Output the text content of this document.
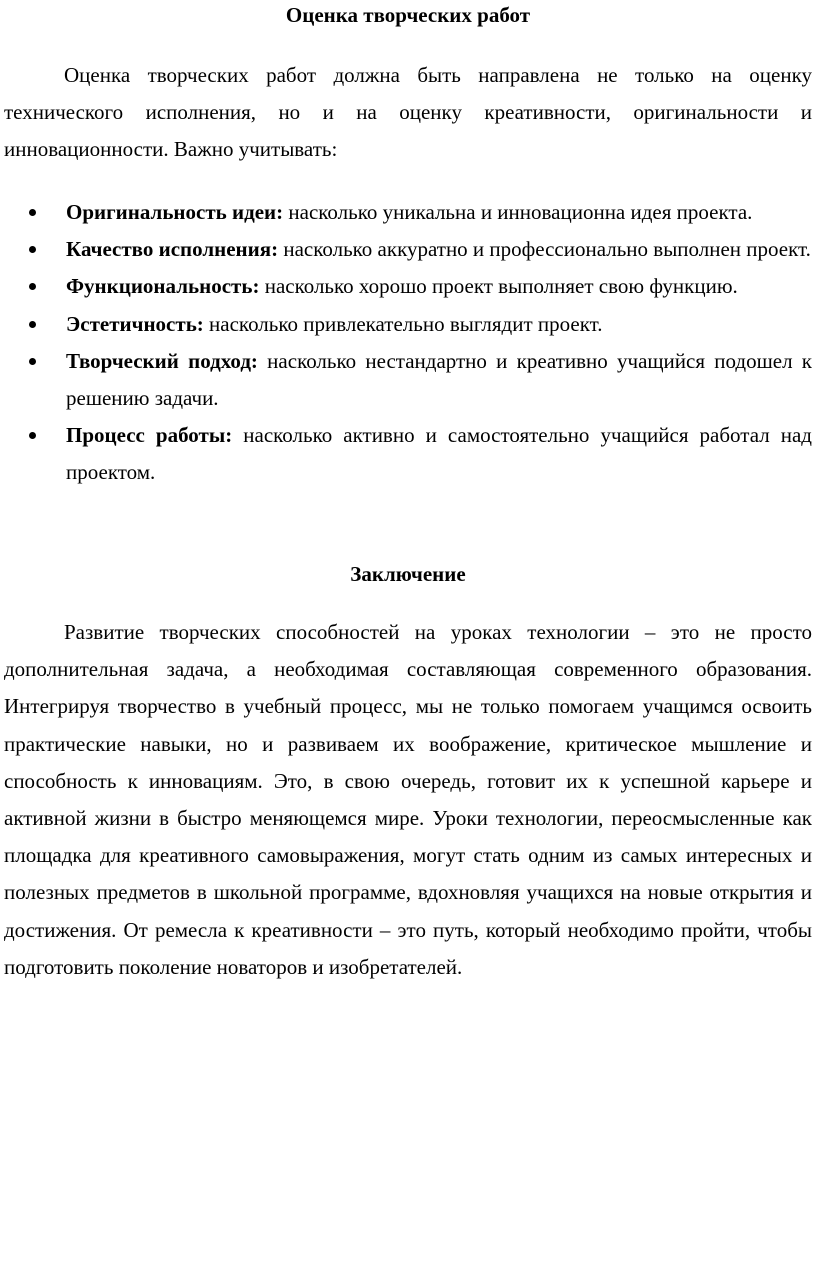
Оценка творческих работ

Оценка творческих работ должна быть направлена не только на оценку технического исполнения, но и на оценку креативности, оригинальности и инновационности. Важно учитывать:

Оригинальность идеи: насколько уникальна и инновационна идея проекта.
Качество исполнения: насколько аккуратно и профессионально выполнен проект.
Функциональность: насколько хорошо проект выполняет свою функцию.
Эстетичность: насколько привлекательно выглядит проект.
Творческий подход: насколько нестандартно и креативно учащийся подошел к решению задачи.
Процесс работы: насколько активно и самостоятельно учащийся работал над проектом.
Заключение

Развитие творческих способностей на уроках технологии – это не просто дополнительная задача, а необходимая составляющая современного образования. Интегрируя творчество в учебный процесс, мы не только помогаем учащимся освоить практические навыки, но и развиваем их воображение, критическое мышление и способность к инновациям. Это, в свою очередь, готовит их к успешной карьере и активной жизни в быстро меняющемся мире. Уроки технологии, переосмысленные как площадка для креативного самовыражения, могут стать одним из самых интересных и полезных предметов в школьной программе, вдохновляя учащихся на новые открытия и достижения. От ремесла к креативности – это путь, который необходимо пройти, чтобы подготовить поколение новаторов и изобретателей.
